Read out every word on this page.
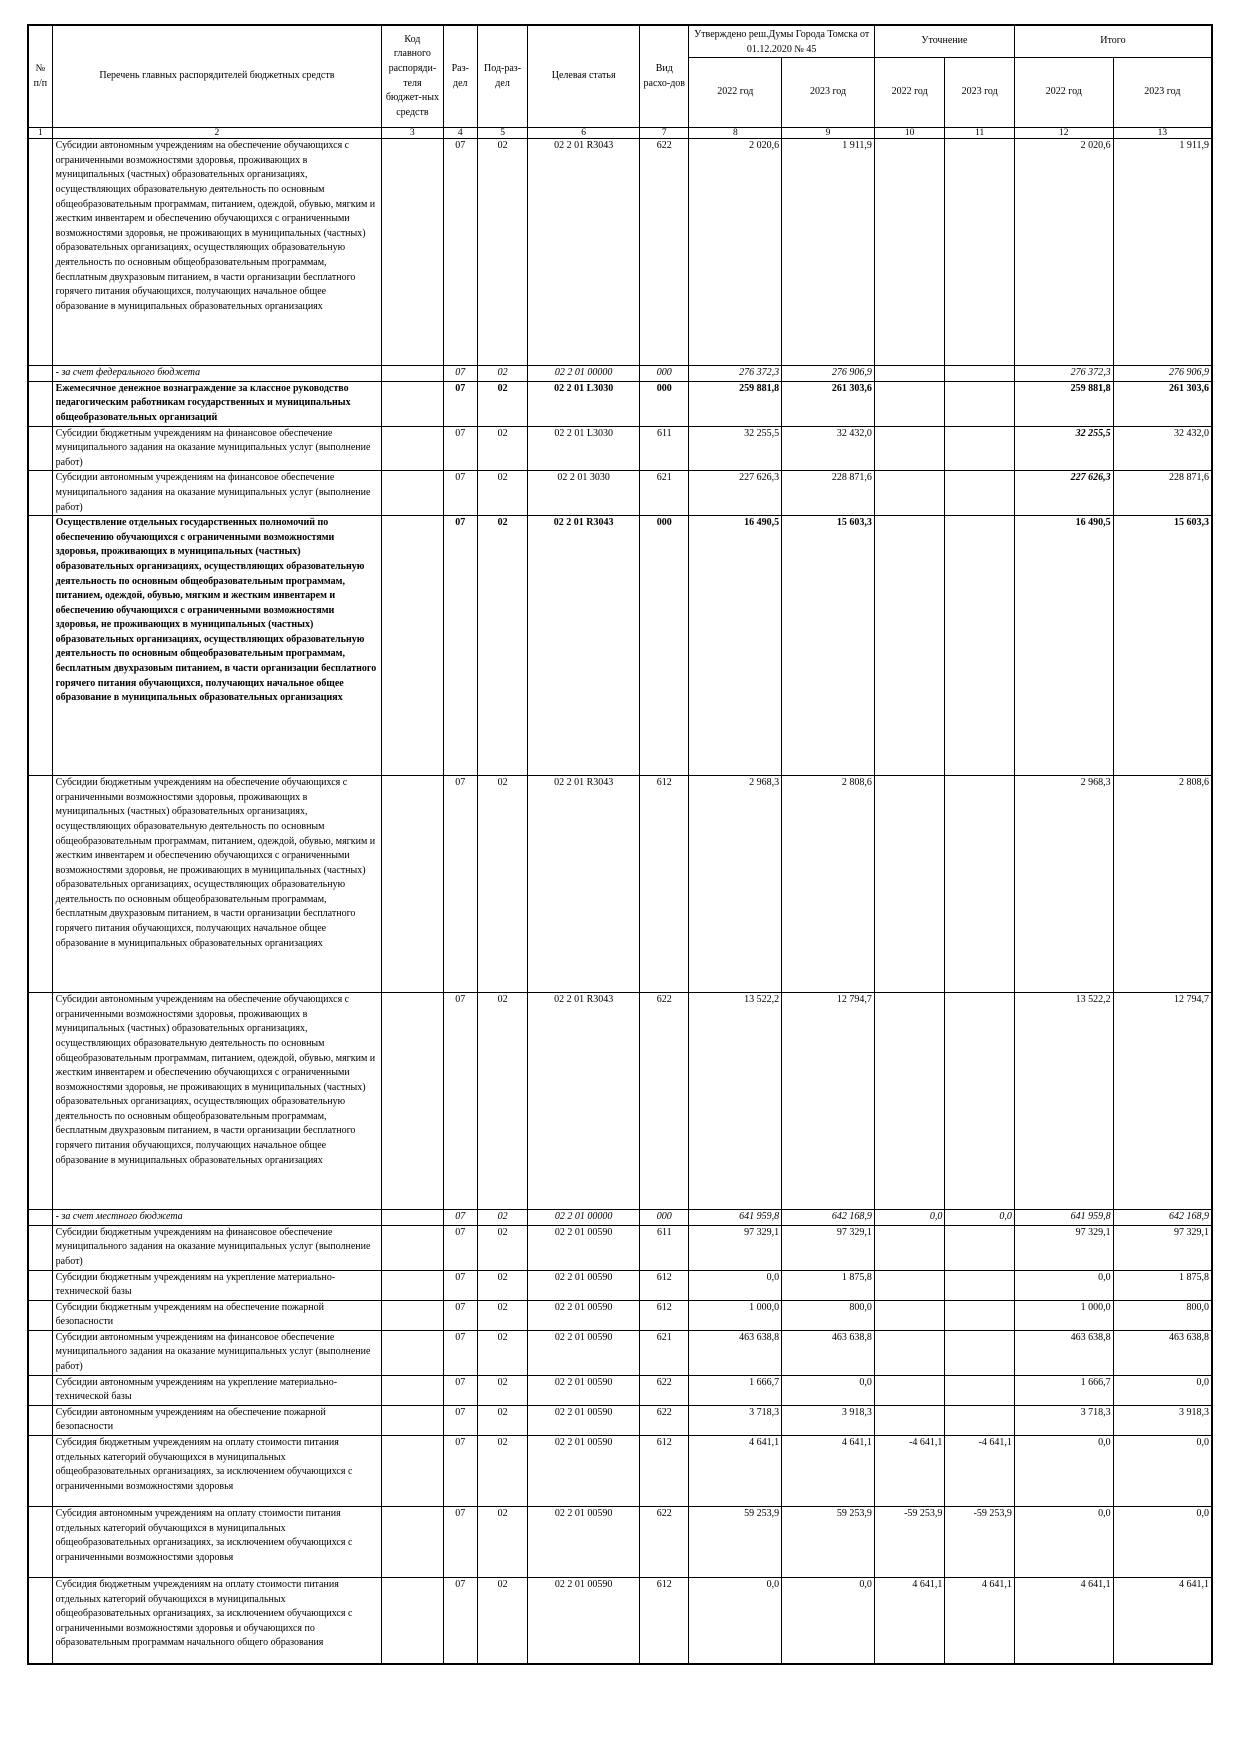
№ п/п	Перечень главных распорядителей бюджетных средств	Код главного распоряди-теля бюджет-ных средств	Раз-дел	Под-раз-дел	Целевая статья	Вид расхо-дов	Утверждено реш.Думы Города Томска от 01.12.2020 № 45		Уточнение		Итого	
							2022 год	2023 год	2022 год	2023 год	2022 год	2023 год
1	2	3	4	5	6	7	8	9	10	11	12	13
	Субсидии автономным учреждениям на обеспечение обучающихся с ограниченными возможностями здоровья, проживающих в муниципальных (частных) образовательных организациях, осуществляющих образовательную деятельность по основным общеобразовательным программам, питанием, одеждой, обувью, мягким и жестким инвентарем и обеспечению обучающихся с ограниченными возможностями здоровья, не проживающих в муниципальных (частных) образовательных организациях, осуществляющих образовательную деятельность по основным общеобразовательным программам, бесплатным двухразовым питанием, в части организации бесплатного горячего питания обучающихся, получающих начальное общее образование в муниципальных образовательных организациях		07	02	02 2 01 R3043	622	2 020,6	1 911,9			2 020,6	1 911,9
	- за счет федерального бюджета		07	02	02 2 01 00000	000	276 372,3	276 906,9			276 372,3	276 906,9
	Ежемесячное денежное вознаграждение за классное руководство педагогическим работникам государственных и муниципальных общеобразовательных организаций		07	02	02 2 01 L3030	000	259 881,8	261 303,6			259 881,8	261 303,6
	Субсидии бюджетным учреждениям на финансовое обеспечение муниципального задания на оказание муниципальных услуг (выполнение работ)		07	02	02 2 01 L3030	611	32 255,5	32 432,0			32 255,5	32 432,0
	Субсидии автономным учреждениям на финансовое обеспечение муниципального задания на оказание муниципальных услуг (выполнение работ)		07	02	02 2 01 3030	621	227 626,3	228 871,6			227 626,3	228 871,6
	Осуществление отдельных государственных полномочий по обеспечению обучающихся с ограниченными возможностями здоровья, проживающих в муниципальных (частных) образовательных организациях, осуществляющих образовательную деятельность по основным общеобразовательным программам, питанием, одеждой, обувью, мягким и жестким инвентарем и обеспечению обучающихся с ограниченными возможностями здоровья, не проживающих в муниципальных (частных) образовательных организациях, осуществляющих образовательную деятельность по основным общеобразовательным программам, бесплатным двухразовым питанием, в части организации бесплатного горячего питания обучающихся, получающих начальное общее образование в муниципальных образовательных организациях		07	02	02 2 01 R3043	000	16 490,5	15 603,3			16 490,5	15 603,3
	Субсидии бюджетным учреждениям на обеспечение обучающихся с ограниченными возможностями здоровья, проживающих в муниципальных (частных) образовательных организациях, осуществляющих образовательную деятельность по основным общеобразовательным программам, питанием, одеждой, обувью, мягким и жестким инвентарем и обеспечению обучающихся с ограниченными возможностями здоровья, не проживающих в муниципальных (частных) образовательных организациях, осуществляющих образовательную деятельность по основным общеобразовательным программам, бесплатным двухразовым питанием, в части организации бесплатного горячего питания обучающихся, получающих начальное общее образование в муниципальных образовательных организациях		07	02	02 2 01 R3043	612	2 968,3	2 808,6			2 968,3	2 808,6
	Субсидии автономным учреждениям на обеспечение обучающихся с ограниченными возможностями здоровья, проживающих в муниципальных (частных) образовательных организациях, осуществляющих образовательную деятельность по основным общеобразовательным программам, питанием, одеждой, обувью, мягким и жестким инвентарем и обеспечению обучающихся с ограниченными возможностями здоровья, не проживающих в муниципальных (частных) образовательных организациях, осуществляющих образовательную деятельность по основным общеобразовательным программам, бесплатным двухразовым питанием, в части организации бесплатного горячего питания обучающихся, получающих начальное общее образование в муниципальных образовательных организациях		07	02	02 2 01 R3043	622	13 522,2	12 794,7			13 522,2	12 794,7
	- за счет местного бюджета		07	02	02 2 01 00000	000	641 959,8	642 168,9	0,0	0,0	641 959,8	642 168,9
	Субсидии бюджетным учреждениям на финансовое обеспечение муниципального задания на оказание муниципальных услуг (выполнение работ)		07	02	02 2 01 00590	611	97 329,1	97 329,1			97 329,1	97 329,1
	Субсидии бюджетным учреждениям на укрепление материально-технической базы		07	02	02 2 01 00590	612	0,0	1 875,8			0,0	1 875,8
	Субсидии бюджетным учреждениям на обеспечение пожарной безопасности		07	02	02 2 01 00590	612	1 000,0	800,0			1 000,0	800,0
	Субсидии автономным учреждениям на финансовое обеспечение муниципального задания на оказание муниципальных услуг (выполнение работ)		07	02	02 2 01 00590	621	463 638,8	463 638,8			463 638,8	463 638,8
	Субсидии автономным учреждениям на укрепление материально-технической базы		07	02	02 2 01 00590	622	1 666,7	0,0			1 666,7	0,0
	Субсидии автономным учреждениям на обеспечение пожарной безопасности		07	02	02 2 01 00590	622	3 718,3	3 918,3			3 718,3	3 918,3
	Субсидия бюджетным учреждениям на оплату стоимости питания отдельных категорий обучающихся в муниципальных общеобразовательных организациях, за исключением обучающихся с ограниченными возможностями здоровья		07	02	02 2 01 00590	612	4 641,1	4 641,1	-4 641,1	-4 641,1	0,0	0,0
	Субсидия автономным учреждениям на оплату стоимости питания отдельных категорий обучающихся в муниципальных общеобразовательных организациях, за исключением обучающихся с ограниченными возможностями здоровья		07	02	02 2 01 00590	622	59 253,9	59 253,9	-59 253,9	-59 253,9	0,0	0,0
	Субсидия бюджетным учреждениям на оплату стоимости питания отдельных категорий обучающихся в муниципальных общеобразовательных организациях, за исключением обучающихся с ограниченными возможностями здоровья и обучающихся по образовательным программам начального общего образования		07	02	02 2 01 00590	612	0,0	0,0	4 641,1	4 641,1	4 641,1	4 641,1
